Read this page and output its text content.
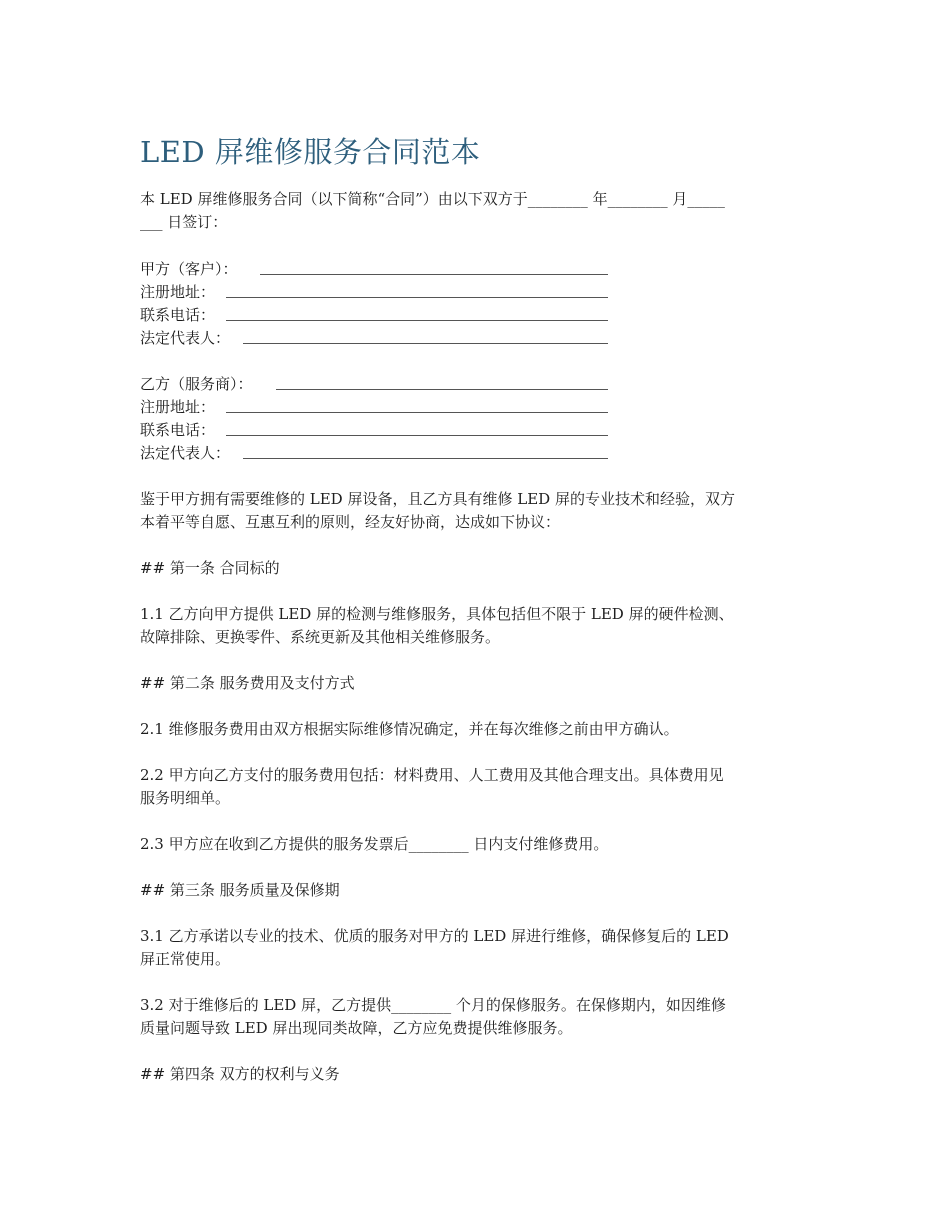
LED 屏维修服务合同范本
本 LED 屏维修服务合同（以下简称“合同”）由以下双方于________ 年________ 月_____
___ 日签订：
甲方（客户）：
注册地址：
联系电话：
法定代表人：
乙方（服务商）：
注册地址：
联系电话：
法定代表人：
鉴于甲方拥有需要维修的 LED 屏设备，且乙方具有维修 LED 屏的专业技术和经验，双方
本着平等自愿、互惠互利的原则，经友好协商，达成如下协议：
## 第一条 合同标的
1.1 乙方向甲方提供 LED 屏的检测与维修服务，具体包括但不限于 LED 屏的硬件检测、
故障排除、更换零件、系统更新及其他相关维修服务。
## 第二条 服务费用及支付方式
2.1 维修服务费用由双方根据实际维修情况确定，并在每次维修之前由甲方确认。
2.2 甲方向乙方支付的服务费用包括：材料费用、人工费用及其他合理支出。具体费用见
服务明细单。
2.3 甲方应在收到乙方提供的服务发票后________ 日内支付维修费用。
## 第三条 服务质量及保修期
3.1 乙方承诺以专业的技术、优质的服务对甲方的 LED 屏进行维修，确保修复后的 LED
屏正常使用。
3.2 对于维修后的 LED 屏，乙方提供________ 个月的保修服务。在保修期内，如因维修
质量问题导致 LED 屏出现同类故障，乙方应免费提供维修服务。
## 第四条 双方的权利与义务
